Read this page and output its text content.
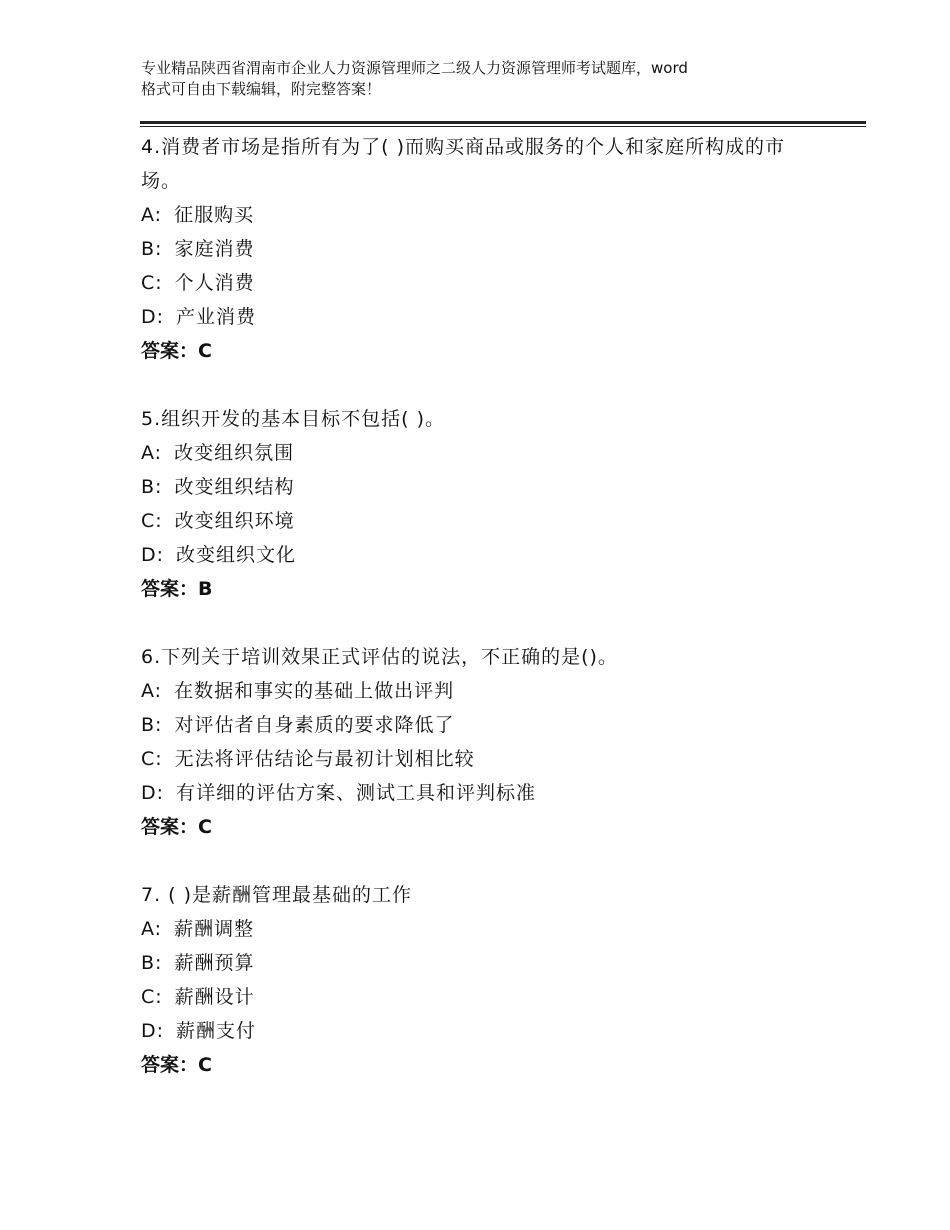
专业精品陕西省渭南市企业人力资源管理师之二级人力资源管理师考试题库，word
格式可自由下载编辑，附完整答案！
4.消费者市场是指所有为了( )而购买商品或服务的个人和家庭所构成的市场。
A: 征服购买
B: 家庭消费
C: 个人消费
D: 产业消费
答案：C
5.组织开发的基本目标不包括( )。
A: 改变组织氛围
B: 改变组织结构
C: 改变组织环境
D: 改变组织文化
答案：B
6.下列关于培训效果正式评估的说法，不正确的是()。
A: 在数据和事实的基础上做出评判
B: 对评估者自身素质的要求降低了
C: 无法将评估结论与最初计划相比较
D: 有详细的评估方案、测试工具和评判标准
答案：C
7. ( )是薪酬管理最基础的工作
A: 薪酬调整
B: 薪酬预算
C: 薪酬设计
D: 薪酬支付
答案：C
